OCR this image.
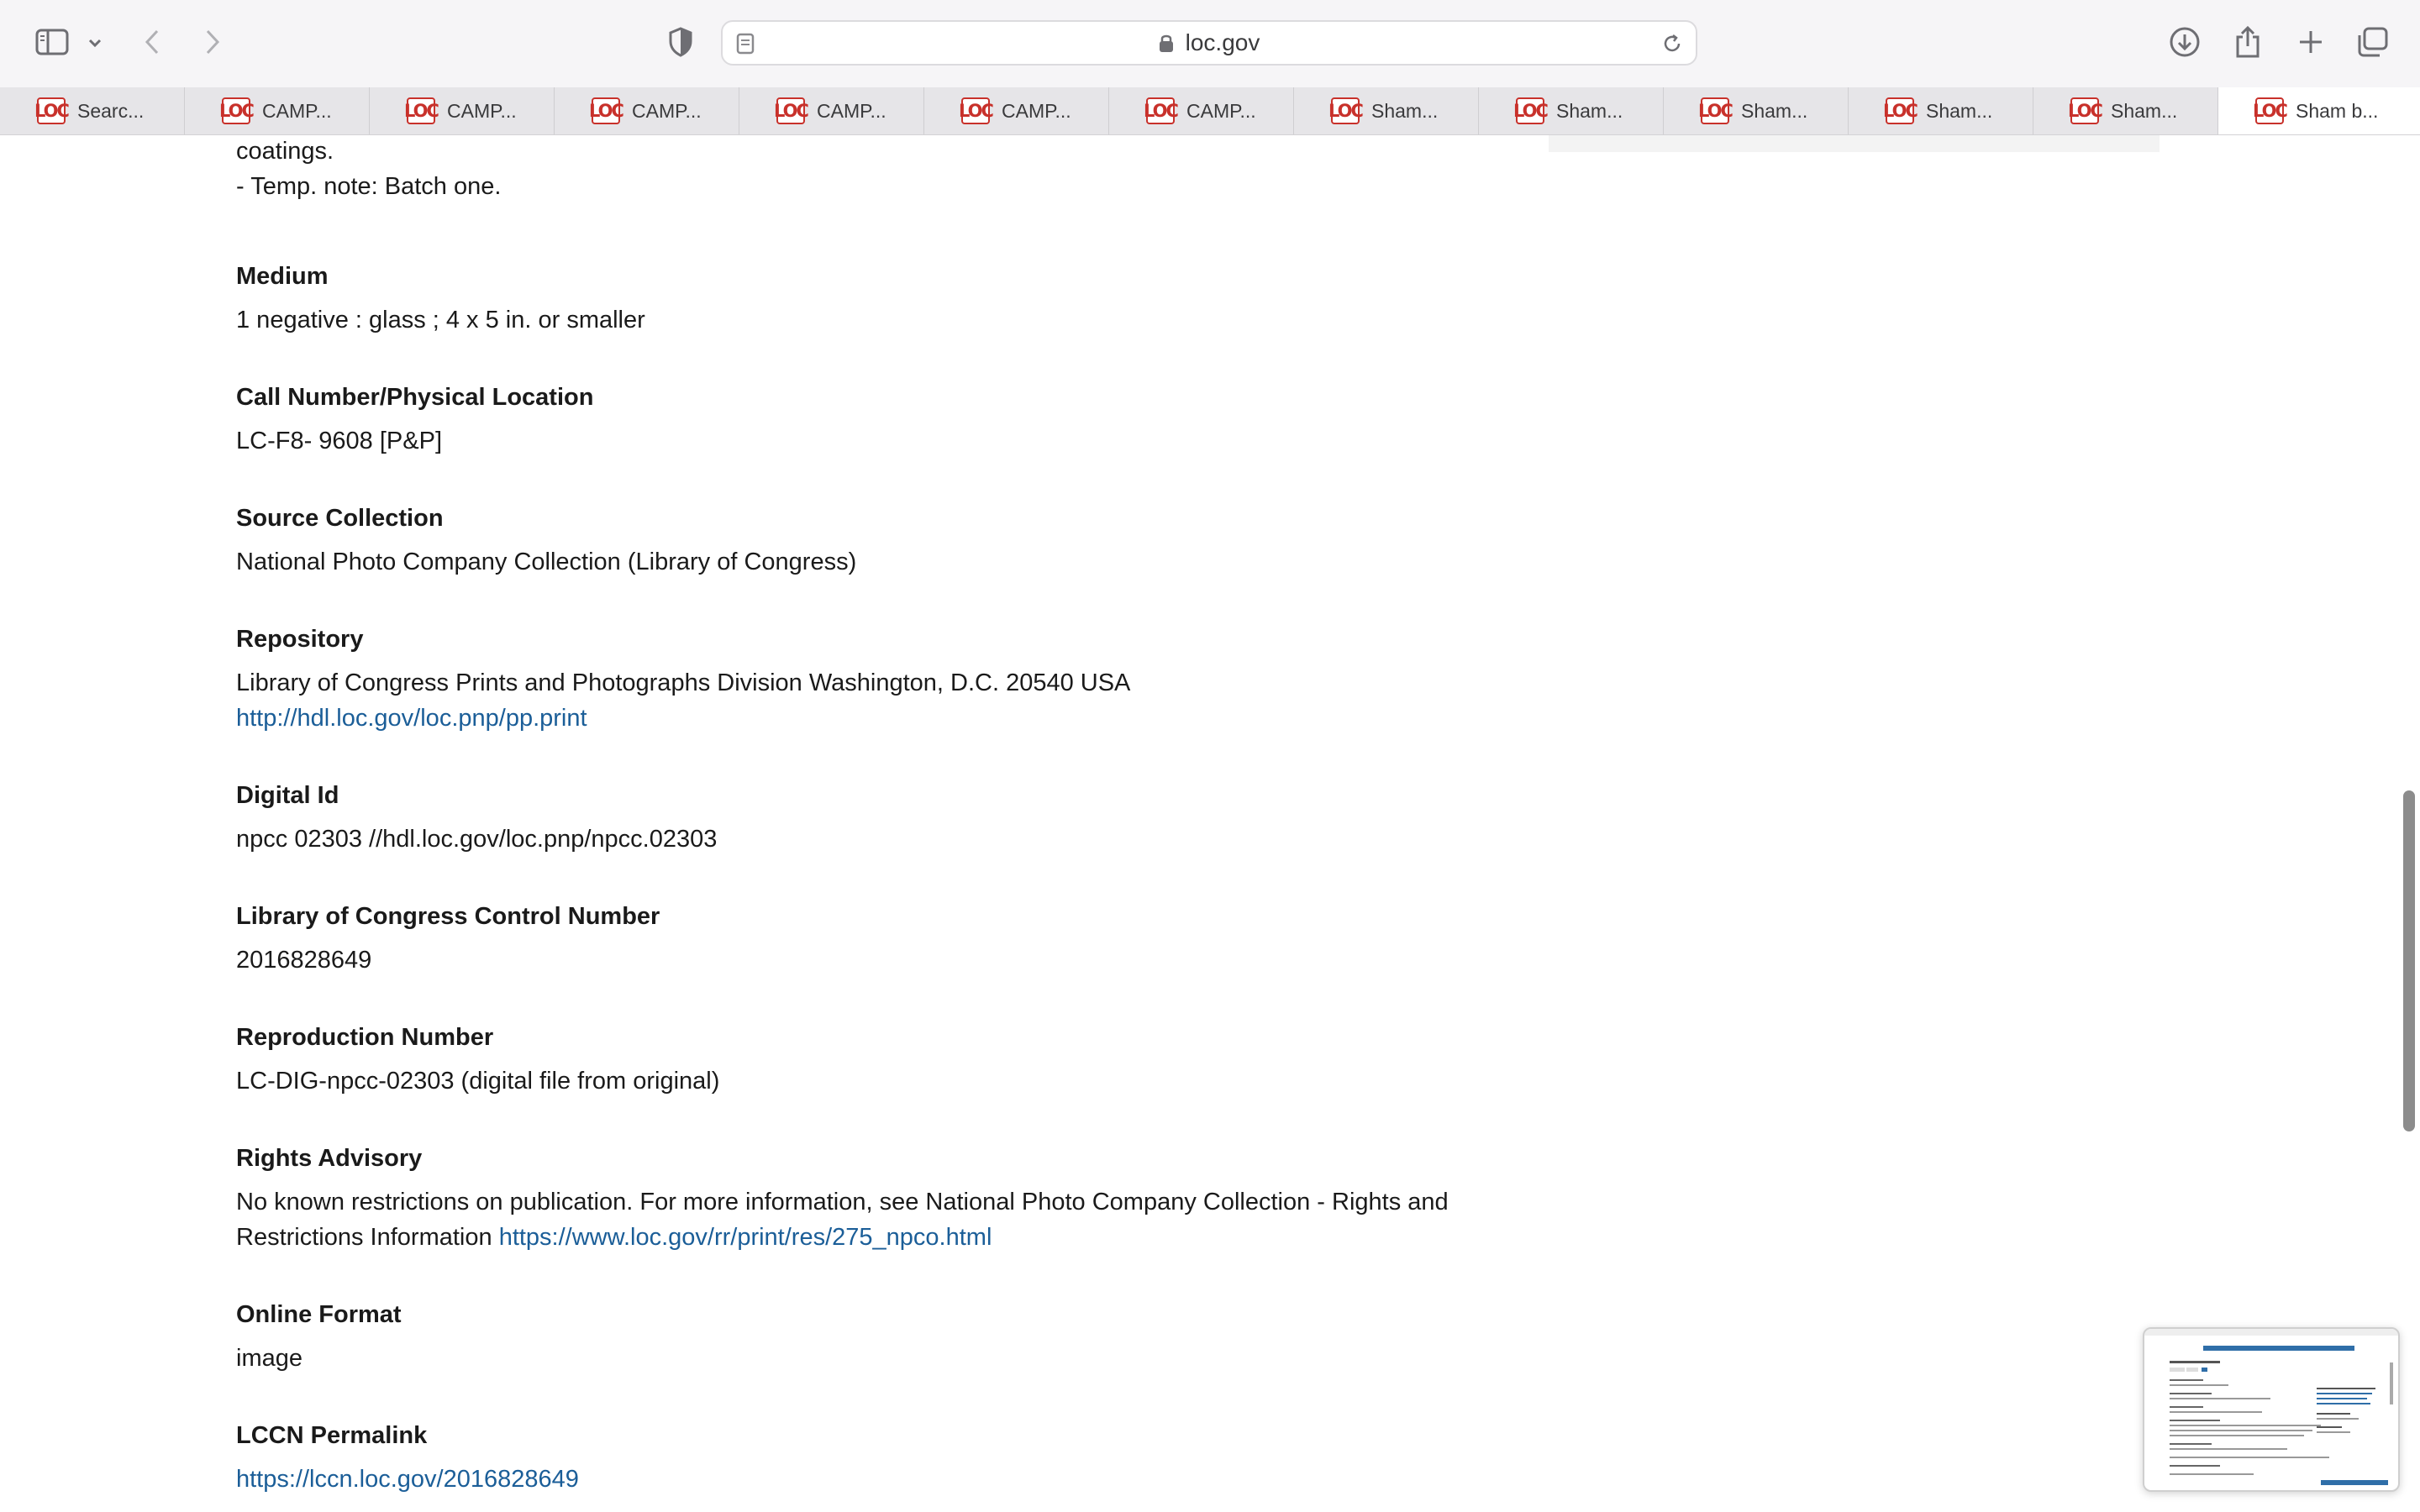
loc.gov
LOC Searc...	LOC CAMP...	LOC CAMP...	LOC CAMP...	LOC CAMP...	LOC CAMP...	LOC CAMP...	LOC Sham...	LOC Sham...	LOC Sham...	LOC Sham...	LOC Sham...	LOC Sham b...
coatings.
- Temp. note: Batch one.
Medium
1 negative : glass ; 4 x 5 in. or smaller
Call Number/Physical Location
LC-F8- 9608 [P&P]
Source Collection
National Photo Company Collection (Library of Congress)
Repository
Library of Congress Prints and Photographs Division Washington, D.C. 20540 USA
http://hdl.loc.gov/loc.pnp/pp.print
Digital Id
npcc 02303 //hdl.loc.gov/loc.pnp/npcc.02303
Library of Congress Control Number
2016828649
Reproduction Number
LC-DIG-npcc-02303 (digital file from original)
Rights Advisory
No known restrictions on publication. For more information, see National Photo Company Collection - Rights and
Restrictions Information https://www.loc.gov/rr/print/res/275_npco.html
Online Format
image
LCCN Permalink
https://lccn.loc.gov/2016828649
